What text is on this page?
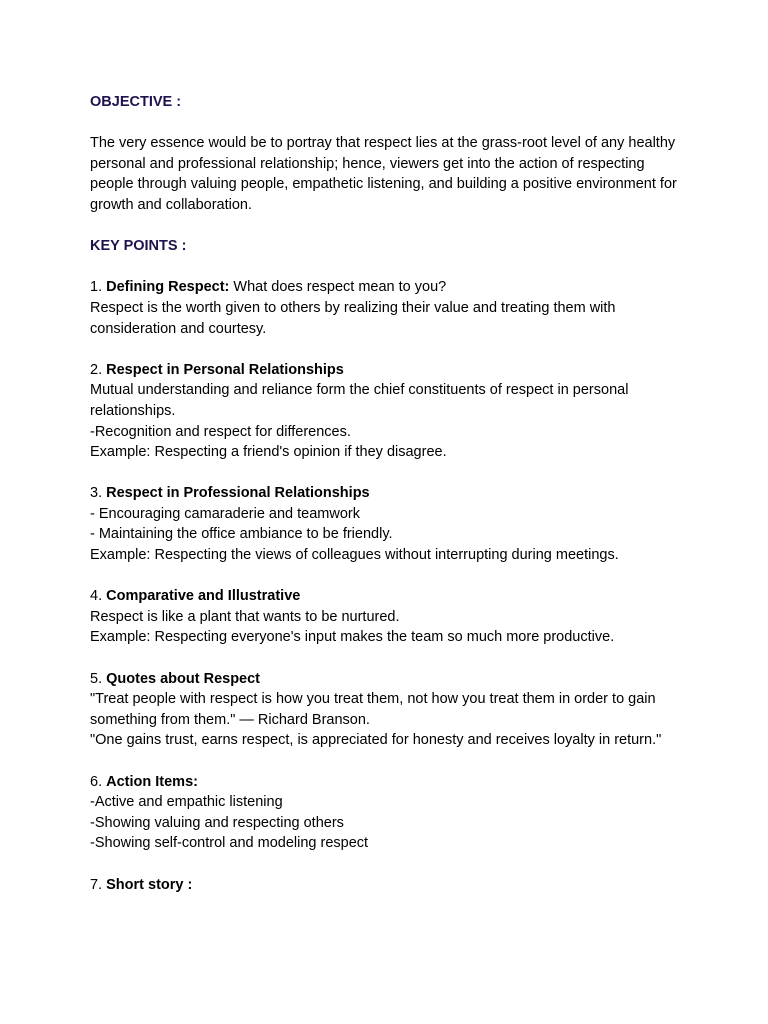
OBJECTIVE :

The very essence would be to portray that respect lies at the grass-root level of any healthy personal and professional relationship; hence, viewers get into the action of respecting people through valuing people, empathetic listening, and building a positive environment for growth and collaboration.

KEY POINTS :

1. Defining Respect: What does respect mean to you?

Respect is the worth given to others by realizing their value and treating them with consideration and courtesy.

2. Respect in Personal Relationships

Mutual understanding and reliance form the chief constituents of respect in personal relationships.

-Recognition and respect for differences.

Example: Respecting a friend's opinion if they disagree.

3. Respect in Professional Relationships

- Encouraging camaraderie and teamwork

- Maintaining the office ambiance to be friendly.

Example: Respecting the views of colleagues without interrupting during meetings.

4. Comparative and Illustrative

Respect is like a plant that wants to be nurtured.

Example: Respecting everyone's input makes the team so much more productive.

5. Quotes about Respect

"Treat people with respect is how you treat them, not how you treat them in order to gain something from them." — Richard Branson.

"One gains trust, earns respect, is appreciated for honesty and receives loyalty in return."

6. Action Items:

-Active and empathic listening

-Showing valuing and respecting others

-Showing self-control and modeling respect

7. Short story :
